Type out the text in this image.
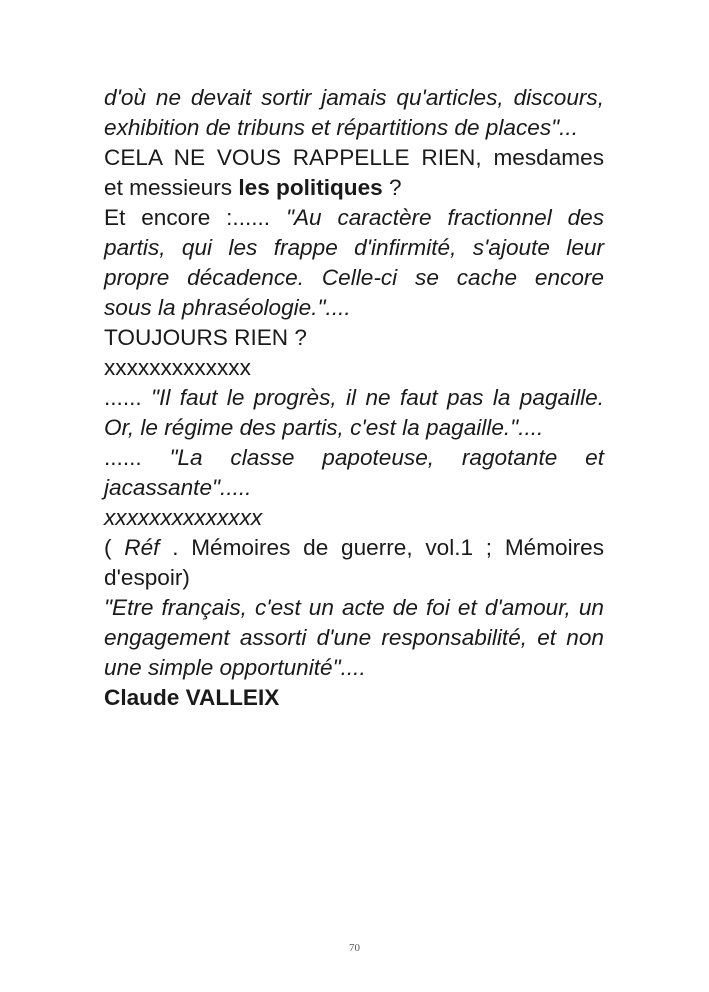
d'où ne devait sortir jamais qu'articles, discours,
exhibition de tribuns et répartitions de places"...
CELA NE VOUS RAPPELLE RIEN, mesdames
et messieurs les politiques ?
Et encore :...... "Au caractère fractionnel des
partis, qui les frappe d'infirmité, s'ajoute leur
propre décadence. Celle-ci se cache encore
sous la phraséologie."....
TOUJOURS RIEN ?
xxxxxxxxxxxxx
...... "Il faut le progrès, il ne faut pas la pagaille.
Or, le régime des partis, c'est la pagaille."....
...... "La classe papoteuse, ragotante et
jacassante".....
xxxxxxxxxxxxxx
( Réf . Mémoires de guerre, vol.1 ; Mémoires
d'espoir)
"Etre français, c'est un acte de foi et d'amour, un
engagement assorti d'une responsabilité, et non
une simple opportunité"....
Claude VALLEIX
70
